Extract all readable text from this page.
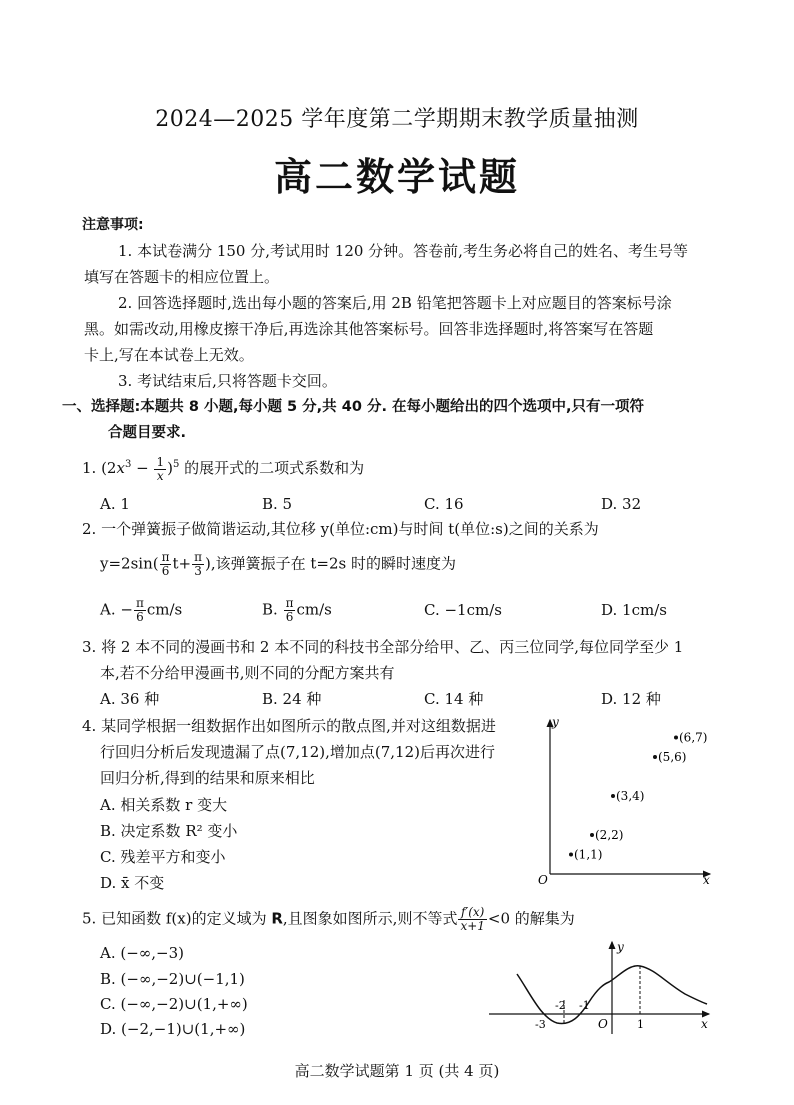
2024—2025 学年度第二学期期末教学质量抽测
高二数学试题
注意事项:
1. 本试卷满分 150 分,考试用时 120 分钟。答卷前,考生务必将自己的姓名、考生号等
填写在答题卡的相应位置上。
2. 回答选择题时,选出每小题的答案后,用 2B 铅笔把答题卡上对应题目的答案标号涂
黑。如需改动,用橡皮擦干净后,再选涂其他答案标号。回答非选择题时,将答案写在答题
卡上,写在本试卷上无效。
3. 考试结束后,只将答题卡交回。
一、选择题:本题共 8 小题,每小题 5 分,共 40 分. 在每小题给出的四个选项中,只有一项符
合题目要求.
1. $(2x^3 - \frac{1}{x} )^5$ 的展开式的二项式系数和为
A. 1	B. 5	C. 16	D. 32
2. 一个弹簧振子做简谐运动,其位移 y(单位:cm)与时间 t(单位:s)之间的关系为
$y=2\sin( \frac{\pi}{6} t+ \frac{\pi}{3}$ ),该弹簧振子在 t=2s 时的瞬时速度为
A. − $\frac{\pi}{6} cm/s$	B. $\frac{\pi}{6} cm/s$	C. −1cm/s	D. 1cm/s
3. 将 2 本不同的漫画书和 2 本不同的科技书全部分给甲、乙、丙三位同学,每位同学至少 1
本,若不分给甲漫画书,则不同的分配方案共有
A. 36 种	B. 24 种	C. 14 种	D. 12 种
4. 某同学根据一组数据作出如图所示的散点图,并对这组数据进
行回归分析后发现遗漏了点(7,12),增加点(7,12)后再次进行
回归分析,得到的结果和原来相比
A. 相关系数 r 变大
B. 决定系数 R² 变小
C. 残差平方和变小
D. x̄ 不变
y
x
O
(1,1)
(2,2)
(3,4)
(5,6)
(6,7)
5. 已知函数 f(x)的定义域为 R,且图象如图所示,则不等式 $\frac{f'(x)}{x+1} <0$ 的解集为
A. (−∞,−3)
B. (−∞,−2)∪(−1,1)
C. (−∞,−2)∪(1,+∞)
D. (−2,−1)∪(1,+∞)
y
x
O
-3
-2 -1
1
高二数学试题第 1 页 (共 4 页)
